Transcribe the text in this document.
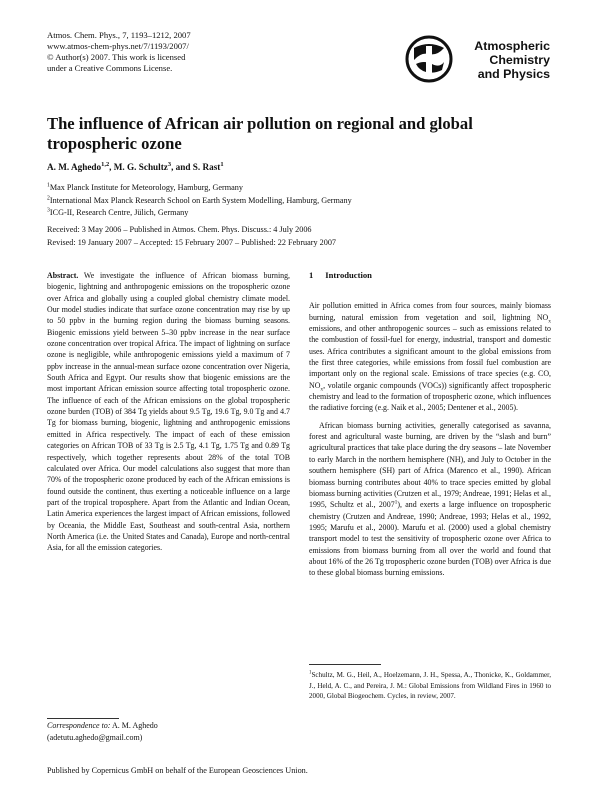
Atmos. Chem. Phys., 7, 1193–1212, 2007
www.atmos-chem-phys.net/7/1193/2007/
© Author(s) 2007. This work is licensed
under a Creative Commons License.
Atmospheric
Chemistry
and Physics
The influence of African air pollution on regional and global
tropospheric ozone
A. M. Aghedo$^{1,2}$, M. G. Schultz$^3$, and S. Rast$^1$
$^1$Max Planck Institute for Meteorology, Hamburg, Germany
$^2$International Max Planck Research School on Earth System Modelling, Hamburg, Germany
$^3$ICG-II, Research Centre, Jülich, Germany
Received: 3 May 2006 – Published in Atmos. Chem. Phys. Discuss.: 4 July 2006
Revised: 19 January 2007 – Accepted: 15 February 2007 – Published: 22 February 2007
Abstract. We investigate the influence of African biomass burning, biogenic, lightning and anthropogenic emissions on the tropospheric ozone over Africa and globally using a coupled global chemistry climate model. Our model studies indicate that surface ozone concentration may rise by up to 50 ppbv in the burning region during the biomass burning seasons. Biogenic emissions yield between 5–30 ppbv increase in the near surface ozone concentration over tropical Africa. The impact of lightning on surface ozone is negligible, while anthropogenic emissions yield a maximum of 7 ppbv increase in the annual-mean surface ozone concentration over Nigeria, South Africa and Egypt. Our results show that biogenic emissions are the most important African emission source affecting total tropospheric ozone. The influence of each of the African emissions on the global tropospheric ozone burden (TOB) of 384 Tg yields about 9.5 Tg, 19.6 Tg, 9.0 Tg and 4.7 Tg for biomass burning, biogenic, lightning and anthropogenic emissions emitted in Africa respectively. The impact of each of these emission categories on African TOB of 33 Tg is 2.5 Tg, 4.1 Tg, 1.75 Tg and 0.89 Tg respectively, which together represents about 28% of the total TOB calculated over Africa. Our model calculations also suggest that more than 70% of the tropospheric ozone produced by each of the African emissions is found outside the continent, thus exerting a noticeable influence on a large part of the tropical troposphere. Apart from the Atlantic and Indian Ocean, Latin America experiences the largest impact of African emissions, followed by Oceania, the Middle East, Southeast and south-central Asia, northern North America (i.e. the United States and Canada), Europe and north-central Asia, for all the emission categories.
1 Introduction
Air pollution emitted in Africa comes from four sources, mainly biomass burning, natural emission from vegetation and soil, lightning $NO_x$ emissions, and other anthropogenic sources – such as emissions related to the combustion of fossil-fuel for energy, industrial, transport and domestic uses. Africa contributes a significant amount to the global emissions from the first three categories, while emissions from fossil fuel combustion are important only on the regional scale. Emissions of trace species (e.g. CO, $NO_x$, volatile organic compounds (VOCs)) significantly affect tropospheric chemistry and lead to the formation of tropospheric ozone, which influences the radiative forcing (e.g. Naik et al., 2005; Dentener et al., 2005).
African biomass burning activities, generally categorised as savanna, forest and agricultural waste burning, are driven by the “slash and burn” agricultural practices that take place during the dry seasons – late November to early March in the northern hemisphere (NH), and July to October in the southern hemisphere (SH) part of Africa (Marenco et al., 1990). African biomass burning contributes about 40% to trace species emitted by global biomass burning activities (Crutzen et al., 1979; Andreae, 1991; Helas et al., 1995, Schultz et al., 2007$^1$), and exerts a large influence on tropospheric chemistry (Crutzen and Andreae, 1990; Andreae, 1993; Helas et al., 1992, 1995; Marufu et al., 2000). Marufu et al. (2000) used a global chemistry transport model to test the sensitivity of tropospheric ozone over Africa to emissions from biomass burning from all over the world and found that about 16% of the 26 Tg tropospheric ozone burden (TOB) over Africa is due to these global biomass burning emissions.
$^1$Schultz, M. G., Heil, A., Hoelzemann, J. H., Spessa, A., Thonicke, K., Goldammer, J., Held, A. C., and Pereira, J. M.: Global Emissions from Wildland Fires in 1960 to 2000, Global Biogeochem. Cycles, in review, 2007.
Correspondence to: A. M. Aghedo
(adetutu.aghedo@gmail.com)
Published by Copernicus GmbH on behalf of the European Geosciences Union.
